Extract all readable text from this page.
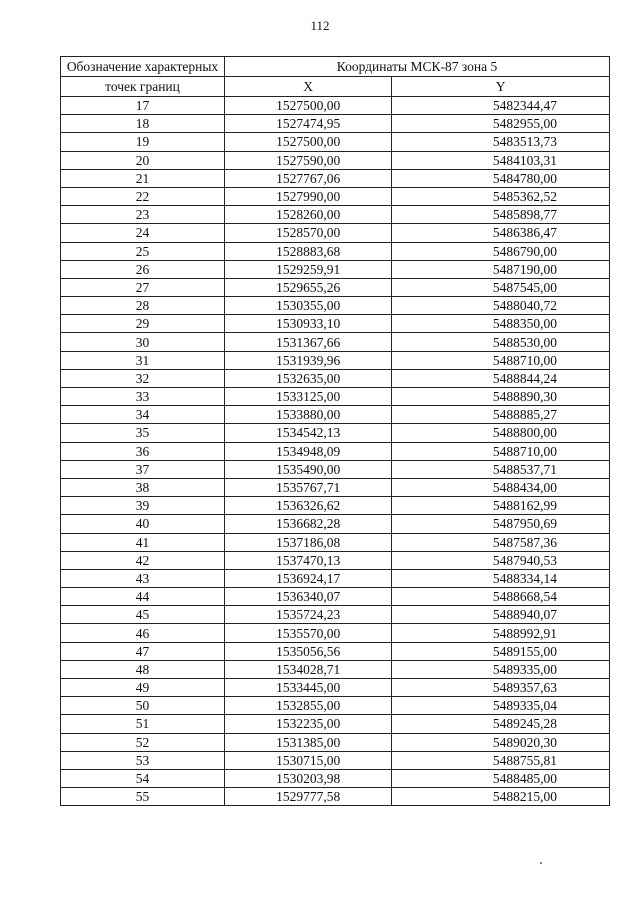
112
Обозначение характерных	Координаты МСК-87 зона 5	
точек границ	X	Y
17	1527500,00	5482344,47
18	1527474,95	5482955,00
19	1527500,00	5483513,73
20	1527590,00	5484103,31
21	1527767,06	5484780,00
22	1527990,00	5485362,52
23	1528260,00	5485898,77
24	1528570,00	5486386,47
25	1528883,68	5486790,00
26	1529259,91	5487190,00
27	1529655,26	5487545,00
28	1530355,00	5488040,72
29	1530933,10	5488350,00
30	1531367,66	5488530,00
31	1531939,96	5488710,00
32	1532635,00	5488844,24
33	1533125,00	5488890,30
34	1533880,00	5488885,27
35	1534542,13	5488800,00
36	1534948,09	5488710,00
37	1535490,00	5488537,71
38	1535767,71	5488434,00
39	1536326,62	5488162,99
40	1536682,28	5487950,69
41	1537186,08	5487587,36
42	1537470,13	5487940,53
43	1536924,17	5488334,14
44	1536340,07	5488668,54
45	1535724,23	5488940,07
46	1535570,00	5488992,91
47	1535056,56	5489155,00
48	1534028,71	5489335,00
49	1533445,00	5489357,63
50	1532855,00	5489335,04
51	1532235,00	5489245,28
52	1531385,00	5489020,30
53	1530715,00	5488755,81
54	1530203,98	5488485,00
55	1529777,58	5488215,00
